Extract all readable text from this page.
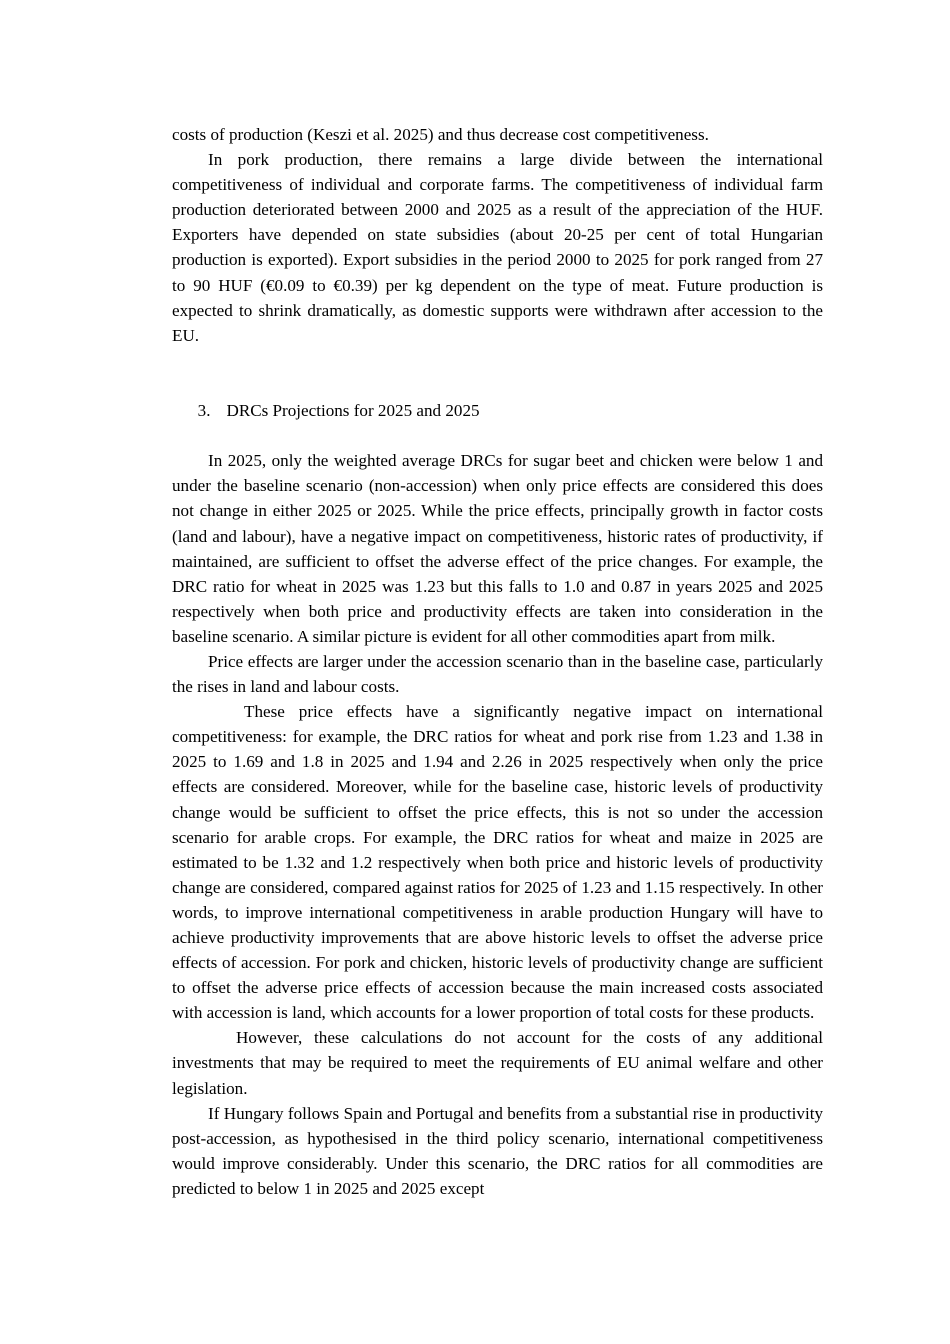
costs of production (Keszi et al. 2025) and thus decrease cost competitiveness.

In pork production, there remains a large divide between the international competitiveness of individual and corporate farms. The competitiveness of individual farm production deteriorated between 2000 and 2025 as a result of the appreciation of the HUF. Exporters have depended on state subsidies (about 20-25 per cent of total Hungarian production is exported). Export subsidies in the period 2000 to 2025 for pork ranged from 27 to 90 HUF (€0.09 to €0.39) per kg dependent on the type of meat. Future production is expected to shrink dramatically, as domestic supports were withdrawn after accession to the EU.

3. DRCs Projections for 2025 and 2025

In 2025, only the weighted average DRCs for sugar beet and chicken were below 1 and under the baseline scenario (non-accession) when only price effects are considered this does not change in either 2025 or 2025. While the price effects, principally growth in factor costs (land and labour), have a negative impact on competitiveness, historic rates of productivity, if maintained, are sufficient to offset the adverse effect of the price changes. For example, the DRC ratio for wheat in 2025 was 1.23 but this falls to 1.0 and 0.87 in years 2025 and 2025 respectively when both price and productivity effects are taken into consideration in the baseline scenario. A similar picture is evident for all other commodities apart from milk.

Price effects are larger under the accession scenario than in the baseline case, particularly the rises in land and labour costs.

These price effects have a significantly negative impact on international competitiveness: for example, the DRC ratios for wheat and pork rise from 1.23 and 1.38 in 2025 to 1.69 and 1.8 in 2025 and 1.94 and 2.26 in 2025 respectively when only the price effects are considered. Moreover, while for the baseline case, historic levels of productivity change would be sufficient to offset the price effects, this is not so under the accession scenario for arable crops. For example, the DRC ratios for wheat and maize in 2025 are estimated to be 1.32 and 1.2 respectively when both price and historic levels of productivity change are considered, compared against ratios for 2025 of 1.23 and 1.15 respectively. In other words, to improve international competitiveness in arable production Hungary will have to achieve productivity improvements that are above historic levels to offset the adverse price effects of accession. For pork and chicken, historic levels of productivity change are sufficient to offset the adverse price effects of accession because the main increased costs associated with accession is land, which accounts for a lower proportion of total costs for these products.

However, these calculations do not account for the costs of any additional investments that may be required to meet the requirements of EU animal welfare and other legislation.

If Hungary follows Spain and Portugal and benefits from a substantial rise in productivity post-accession, as hypothesised in the third policy scenario, international competitiveness would improve considerably. Under this scenario, the DRC ratios for all commodities are predicted to below 1 in 2025 and 2025 except
